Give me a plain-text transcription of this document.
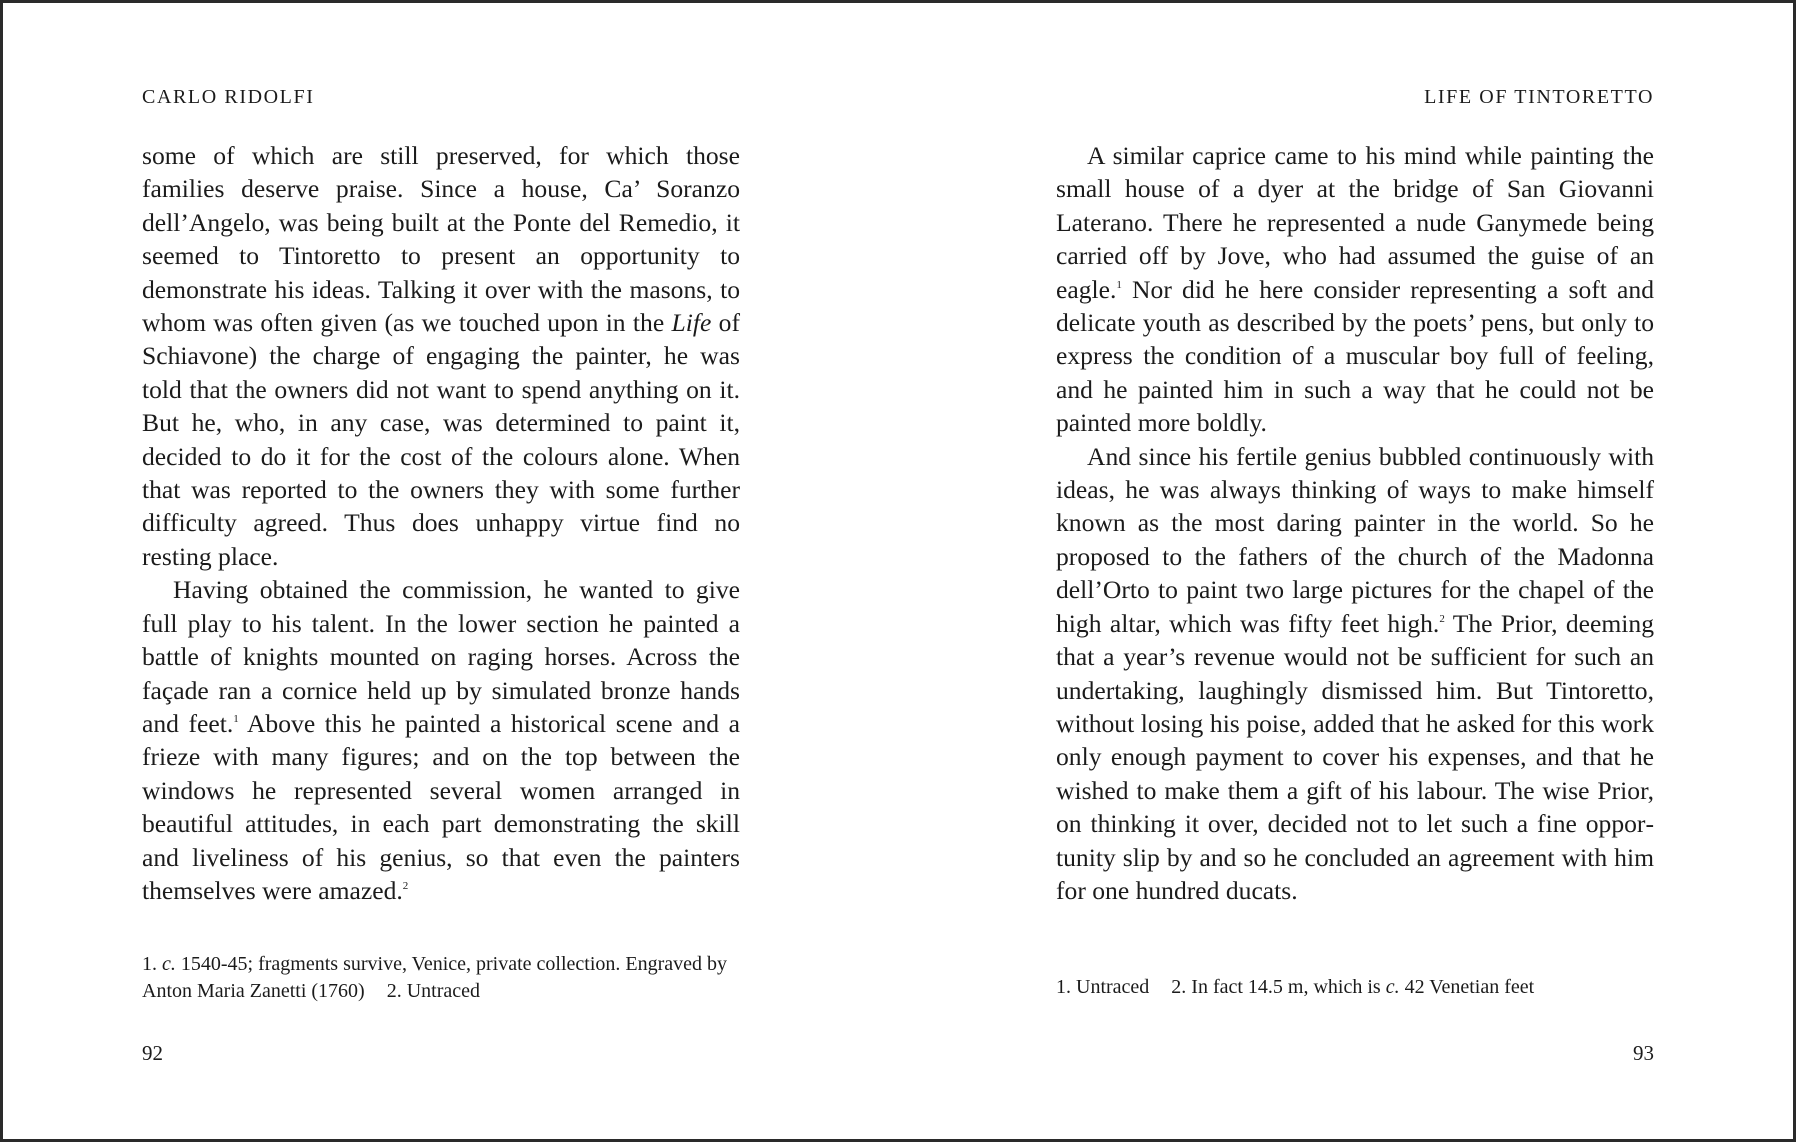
CARLO RIDOLFI

some of which are still preserved, for which those families deserve praise. Since a house, Ca’ Soranzo dell’Angelo, was being built at the Ponte del Remedio, it seemed to Tintoretto to present an opportunity to demonstrate his ideas. Talking it over with the masons, to whom was often given (as we touched upon in the Life of Schiavone) the charge of engaging the painter, he was told that the owners did not want to spend anything on it. But he, who, in any case, was determined to paint it, decided to do it for the cost of the colours alone. When that was reported to the owners they with some further difficulty agreed. Thus does unhappy virtue find no resting place.

Having obtained the commission, he wanted to give full play to his talent. In the lower section he painted a battle of knights mounted on raging horses. Across the façade ran a cornice held up by simulated bronze hands and feet.$^1$ Above this he painted a historical scene and a frieze with many figures; and on the top between the windows he represented several women arranged in beautiful attitudes, in each part demonstrating the skill and liveliness of his genius, so that even the painters themselves were amazed.$^2$

1. c. 1540-45; fragments survive, Venice, private collection. Engraved by Anton Maria Zanetti (1760) 2. Untraced

92
LIFE OF TINTORETTO

A similar caprice came to his mind while painting the small house of a dyer at the bridge of San Giovanni Laterano. There he represented a nude Ganymede being carried off by Jove, who had assumed the guise of an eagle.$^1$ Nor did he here consider representing a soft and delicate youth as described by the poets’ pens, but only to express the condition of a muscular boy full of feeling, and he painted him in such a way that he could not be painted more boldly.

And since his fertile genius bubbled continuously with ideas, he was always thinking of ways to make himself known as the most daring painter in the world. So he proposed to the fathers of the church of the Madonna dell’Orto to paint two large pictures for the chapel of the high altar, which was fifty feet high.$^2$ The Prior, deeming that a year’s revenue would not be sufficient for such an undertaking, laughingly dismissed him. But Tintoretto, without losing his poise, added that he asked for this work only enough payment to cover his expenses, and that he wished to make them a gift of his labour. The wise Prior, on thinking it over, decided not to let such a fine opportunity slip by and so he concluded an agreement with him for one hundred ducats.

1. Untraced 2. In fact 14.5 m, which is c. 42 Venetian feet

93
